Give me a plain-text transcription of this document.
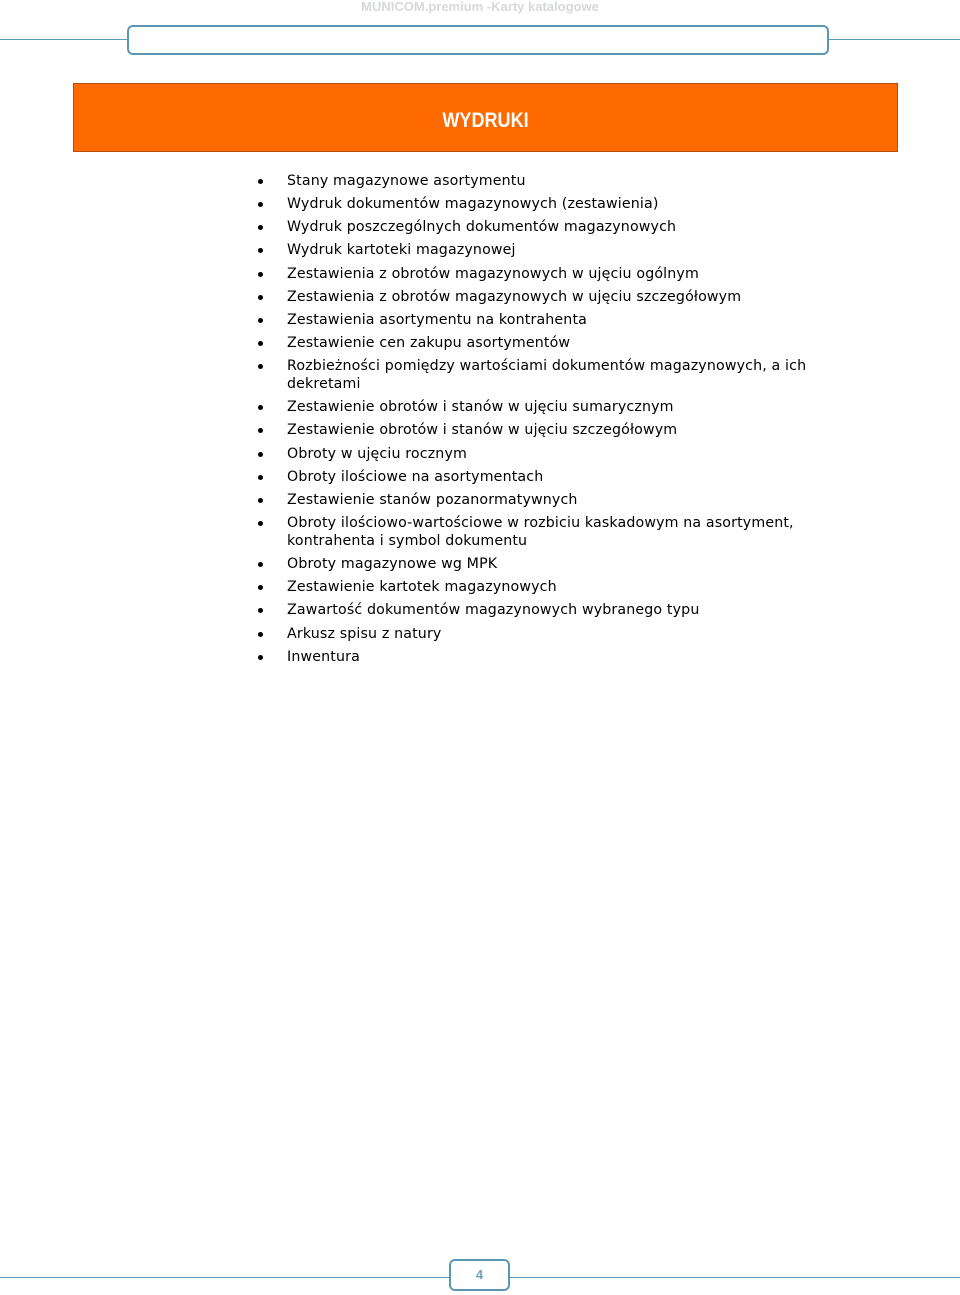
MUNICOM.premium -Karty katalogowe
WYDRUKI
Stany magazynowe asortymentu
Wydruk dokumentów magazynowych (zestawienia)
Wydruk poszczególnych dokumentów magazynowych
Wydruk kartoteki magazynowej
Zestawienia z obrotów magazynowych w ujęciu ogólnym
Zestawienia z obrotów magazynowych w ujęciu szczegółowym
Zestawienia asortymentu na kontrahenta
Zestawienie cen zakupu asortymentów
Rozbieżności pomiędzy wartościami dokumentów magazynowych, a ich dekretami
Zestawienie obrotów i stanów w ujęciu sumarycznym
Zestawienie obrotów i stanów w ujęciu szczegółowym
Obroty w ujęciu rocznym
Obroty ilościowe na asortymentach
Zestawienie stanów pozanormatywnych
Obroty ilościowo-wartościowe w rozbiciu kaskadowym na asortyment, kontrahenta i symbol dokumentu
Obroty magazynowe wg MPK
Zestawienie kartotek magazynowych
Zawartość dokumentów magazynowych wybranego typu
Arkusz spisu z natury
Inwentura
4
